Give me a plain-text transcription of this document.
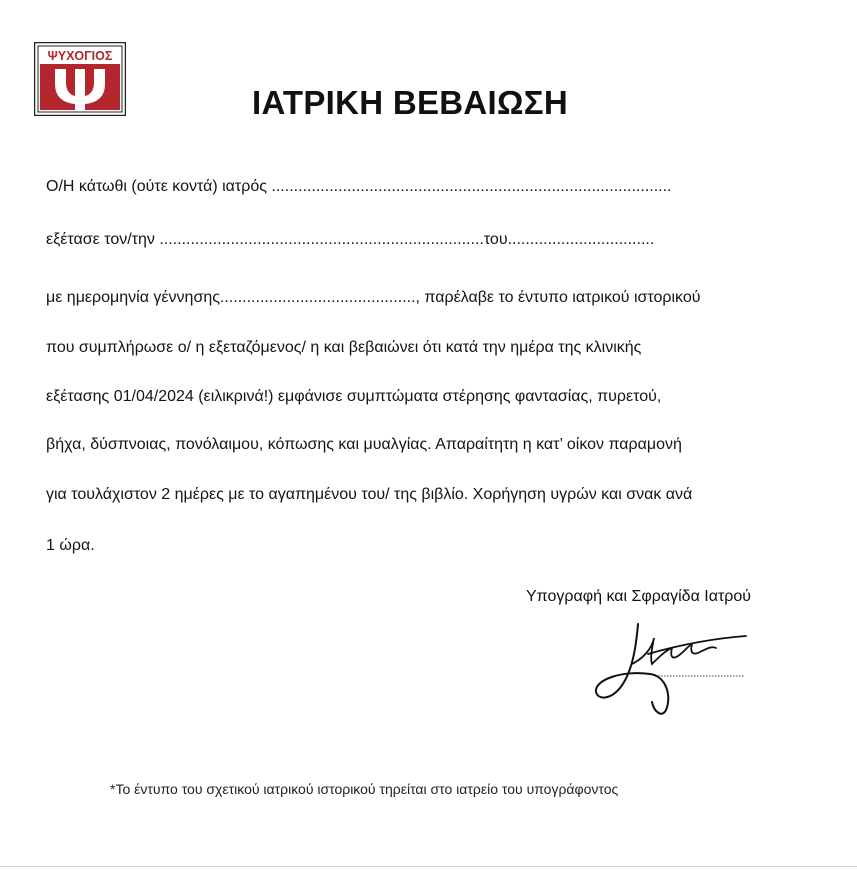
ΨΥΧΟΓΙΟΣ
ΙΑΤΡΙΚΗ ΒΕΒΑΙΩΣΗ
Ο/Η κάτωθι (ούτε κοντά) ιατρός ..........................................................................................
εξέτασε τον/την .........................................................................του.................................
με ημερομηνία γέννησης............................................, παρέλαβε το έντυπο ιατρικού ιστορικού
που συμπλήρωσε ο/ η εξεταζόμενος/ η και βεβαιώνει ότι κατά την ημέρα της κλινικής
εξέτασης 01/04/2024 (ειλικρινά!) εμφάνισε συμπτώματα στέρησης φαντασίας, πυρετού,
βήχα, δύσπνοιας, πονόλαιμου, κόπωσης και μυαλγίας. Απαραίτητη η κατ’ οίκον παραμονή
για τουλάχιστον 2 ημέρες με το αγαπημένου του/ της βιβλίο. Χορήγηση υγρών και σνακ ανά
1 ώρα.
Υπογραφή και Σφραγίδα Ιατρού
*Το έντυπο του σχετικού ιατρικού ιστορικού τηρείται στο ιατρείο του υπογράφοντος
